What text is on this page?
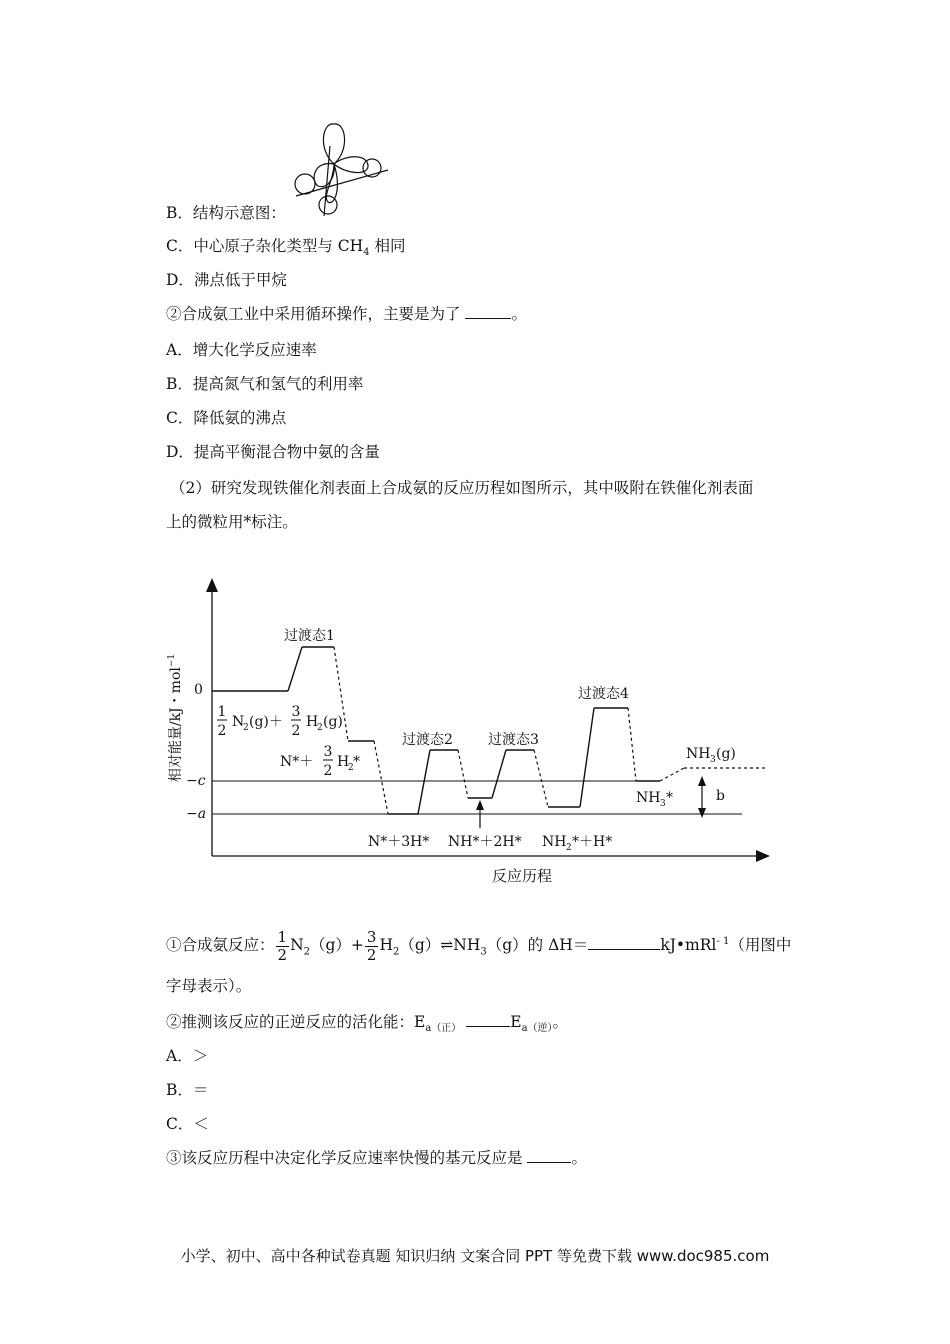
B．结构示意图：
C．中心原子杂化类型与 $CH_4$ 相同
D．沸点低于甲烷
②合成氨工业中采用循环操作，主要是为了	。
A．增大化学反应速率
B．提高氮气和氢气的利用率
C．降低氨的沸点
D．提高平衡混合物中氨的含量
（2）研究发现铁催化剂表面上合成氨的反应历程如图所示，其中吸附在铁催化剂表面
上的微粒用*标注。
相对能量/kJ・mol$^{-1}$
0
−c
−a
b
过渡态1
过渡态2	过渡态3
过渡态4
1
2
N
2 (g)＋
3
2
H
2 (g)
N*＋
3
2
H
2 *
N*＋3H* NH*＋2H* NH 2 *＋H*
NH 3 *
NH 3 (g)
反应历程
①合成氨反应： $\frac{1}{2} N_2(g)+ \frac{3}{2}$ $H_2(g)\rightleftharpoons NH_3(g)$的 ΔH＝	kJ•mRl$^{- 1}$（用图中
字母表示）。
②推测该反应的正逆反应的活化能：$E_{a(正)}$	$E_{a(逆)}$。
A．＞
B．＝
C．＜
③该反应历程中决定化学反应速率快慢的基元反应是	。
小学、初中、高中各种试卷真题 知识归纳 文案合同 PPT 等免费下载 www.doc985.com
